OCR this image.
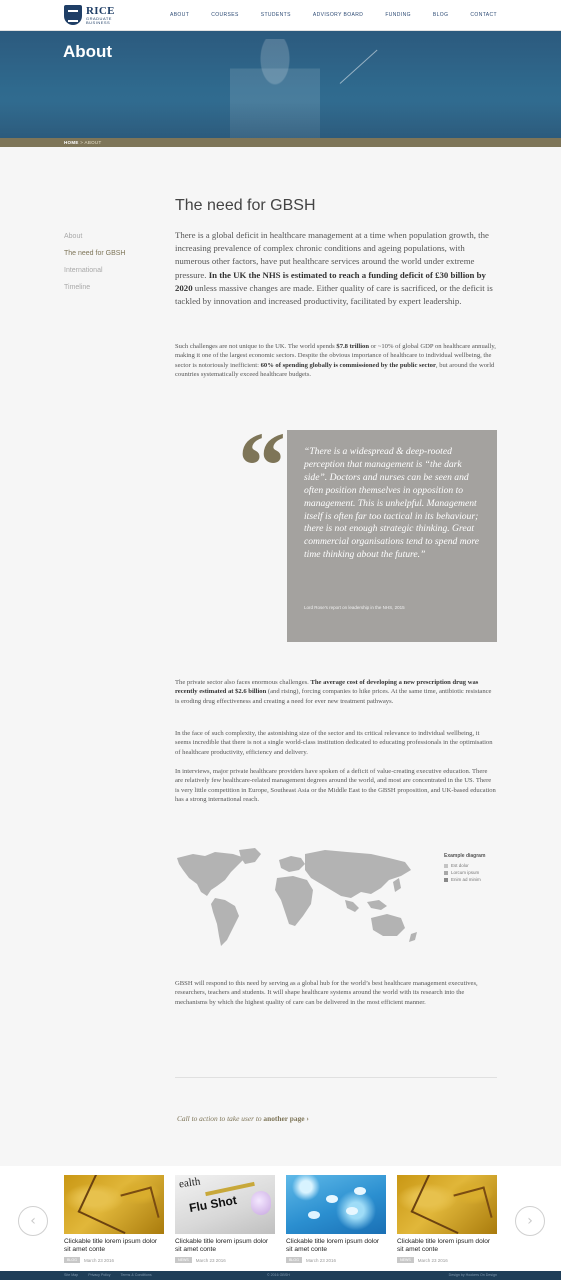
RICE
GRADUATE
BUSINESS
ABOUT	COURSES	STUDENTS	ADVISORY BOARD	FUNDING	BLOG	CONTACT
About
HOME > ABOUT
About
The need for GBSH
International
Timeline
The need for GBSH

There is a global deficit in healthcare management at a time when population growth, the increasing prevalence of complex chronic conditions and ageing populations, with numerous other factors, have put healthcare services around the world under extreme pressure. In the UK the NHS is estimated to reach a funding deficit of £30 billion by 2020 unless massive changes are made. Either quality of care is sacrificed, or the deficit is tackled by innovation and increased productivity, facilitated by expert leadership.

Such challenges are not unique to the UK. The world spends $7.8 trillion or ~10% of global GDP on healthcare annually, making it one of the largest economic sectors. Despite the obvious importance of healthcare to individual wellbeing, the sector is notoriously inefficient: 60% of spending globally is commissioned by the public sector, but around the world countries systematically exceed healthcare budgets.

“ “There is a widespread & deep-rooted perception that management is “the dark side”. Doctors and nurses can be seen and often position themselves in opposition to management. This is unhelpful. Management itself is often far too tactical in its behaviour; there is not enough strategic thinking. Great commercial organisations tend to spend more time thinking about the future.”
Lord Rose's report on leadership in the NHS, 2015

The private sector also faces enormous challenges. The average cost of developing a new prescription drug was recently estimated at $2.6 billion (and rising), forcing companies to hike prices. At the same time, antibiotic resistance is eroding drug effectiveness and creating a need for ever new treatment pathways.

In the face of such complexity, the astonishing size of the sector and its critical relevance to individual wellbeing, it seems incredible that there is not a single world-class institution dedicated to educating professionals in the optimisation of healthcare productivity, efficiency and delivery.

In interviews, major private healthcare providers have spoken of a deficit of value-creating executive education. There are relatively few healthcare-related management degrees around the world, and most are concentrated in the US. There is very little competition in Europe, Southeast Asia or the Middle East to the GBSH proposition, and UK-based education has a strong international reach.

Example diagram
Est dolor
Lorcum ipsum
Enim ad minim

GBSH will respond to this need by serving as a global hub for the world’s best healthcare management executives, researchers, teachers and students. It will shape healthcare systems around the world with its research into the mechanisms by which the highest quality of care can be delivered in the most efficient manner.

Call to action to take user to another page ›
‹	›
Clickable title lorem ipsum dolor sit amet conte
BLOG	March 23 2016
ealth
Flu Shot
Clickable title lorem ipsum dolor sit amet conte
NEWS	March 23 2016
Clickable title lorem ipsum dolor sit amet conte
BLOG	March 23 2016
Clickable title lorem ipsum dolor sit amet conte
NEWS	March 23 2016
Site Map	Privacy Policy	Terms & Conditions	© 2016 GBSH	Design by Hookers On Design
